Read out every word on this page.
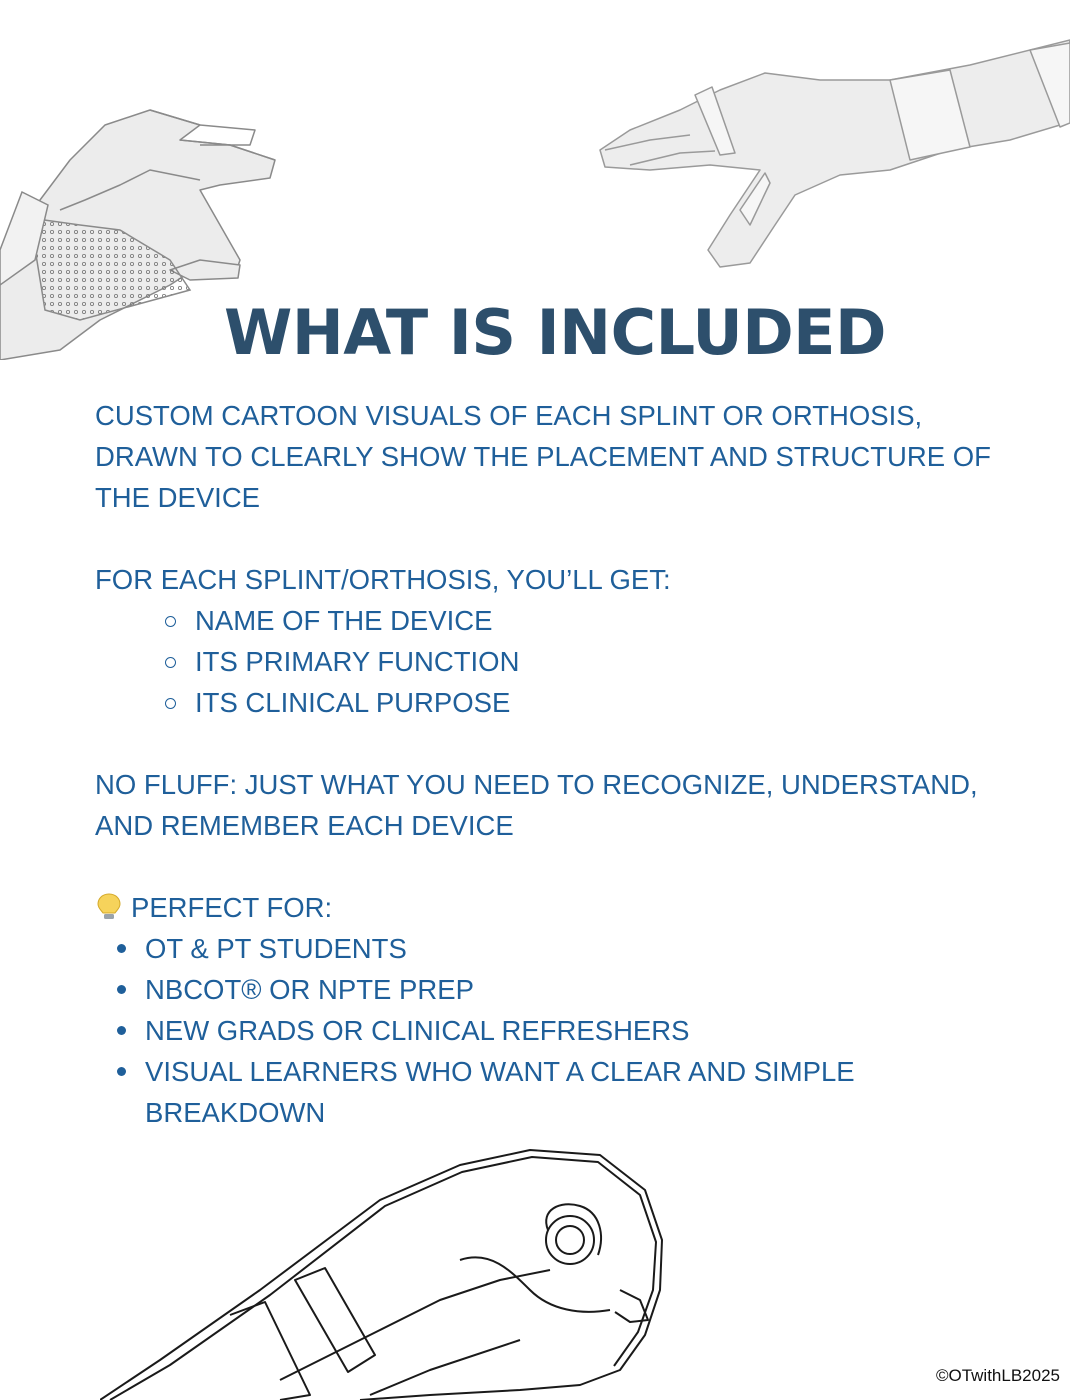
WHAT IS INCLUDED

CUSTOM CARTOON VISUALS OF EACH SPLINT OR ORTHOSIS, DRAWN TO CLEARLY SHOW THE PLACEMENT AND STRUCTURE OF THE DEVICE

FOR EACH SPLINT/ORTHOSIS, YOU’LL GET:

NAME OF THE DEVICE
ITS PRIMARY FUNCTION
ITS CLINICAL PURPOSE

NO FLUFF: JUST WHAT YOU NEED TO RECOGNIZE, UNDERSTAND, AND REMEMBER EACH DEVICE

PERFECT FOR:

OT & PT STUDENTS
NBCOT® OR NPTE PREP
NEW GRADS OR CLINICAL REFRESHERS
VISUAL LEARNERS WHO WANT A CLEAR AND SIMPLE BREAKDOWN
©OTwithLB2025
